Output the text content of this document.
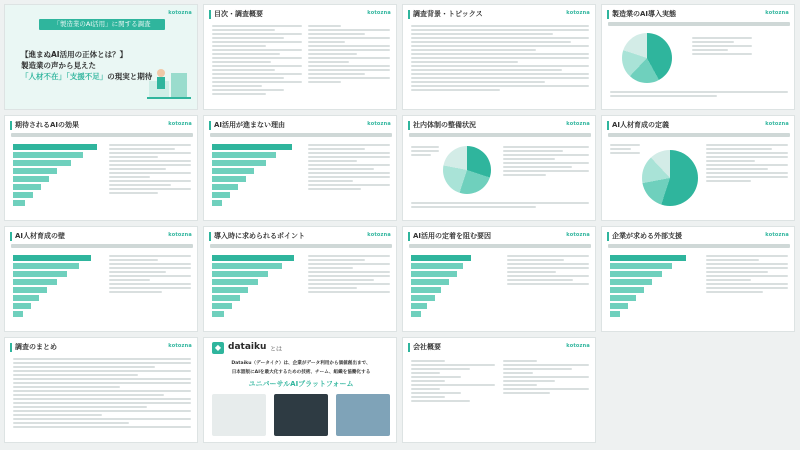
「製造業のAI活用」に関する調査
kotozna
【進まぬAI活用の正体とは？】
製造業の声から見えた
「人材不在」「支援不足」の現実と期待
目次・調査概要	kotozna	調査背景・トピックス	kotozna	製造業のAI導入実態	kotozna
期待されるAIの効果	kotozna	AI活用が進まない理由	kotozna	社内体制の整備状況	kotozna	AI人材育成の定義	kotozna
AI人材育成の壁	kotozna	導入時に求められるポイント	kotozna	AI活用の定着を阻む要因	kotozna	企業が求める外部支援	kotozna
調査のまとめ	kotozna	◆ dataiku とは
Dataiku（データイク）は、企業がデータ利用から価値創出まで、
日本語版にAIを最大化するための技術、チーム、組織を協働化する
ユニバーサルAIプラットフォーム
会社概要	kotozna
